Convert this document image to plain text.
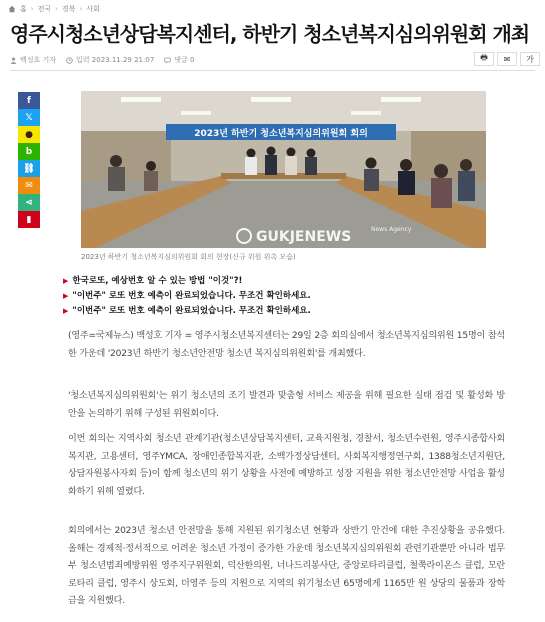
홈 › 전국 › 경북 › 사회
영주시청소년상담복지센터, 하반기 청소년복지심의위원회 개최
백성호 기자	입력 2023.11.29 21:07	댓글 0	🖶 ✉ 가
f
𝕏
●
b
⛓
✉
⋖
▮
2023년 하반기 청소년복지심의위원회 회의
News Agency
GUKJENEWS
2023년 하반기 청소년복지심의위원회 회의 현장(신규 위원 위촉 모습)
▶ 한국로또, 예상번호 알 수 있는 방법 "이것"?!
▶ "이번주" 로또 번호 예측이 완료되었습니다. 무조건 확인하세요.
▶ "이번주" 로또 번호 예측이 완료되었습니다. 무조건 확인하세요.

(영주=국제뉴스) 백성호 기자 = 영주시청소년복지센터는 29일 2층 회의실에서 청소년복지심의위원 15명이 참석한 가운데 '2023년 하반기 청소년안전망 청소년 복지심의위원회'를 개최했다.

'청소년복지심의위원회'는 위기 청소년의 조기 발견과 맞춤형 서비스 제공을 위해 필요한 실태 점검 및 활성화 방안을 논의하기 위해 구성된 위원회이다.

이번 회의는 지역사회 청소년 관계기관(청소년상담복지센터, 교육지원청, 경찰서, 청소년수련원, 영주시종합사회복지관, 고용센터, 영주YMCA, 장애인종합복지관, 소백가정상담센터, 사회복지행정연구회, 1388청소년지원단, 상담자원봉사자회 등)이 함께 청소년의 위기 상황을 사전에 예방하고 성장 지원을 위한 청소년안전망 사업을 활성화하기 위해 열렸다.

회의에서는 2023년 청소년 안전망을 통해 지원된 위기청소년 현황과 상반기 안건에 대한 추진상황을 공유했다. 올해는 경제적·정서적으로 어려운 청소년 가정이 증가한 가운데 청소년복지심의위원회 관련기관뿐만 아니라 법무부 청소년범죄예방위원 영주지구위원회, 덕산한의원, 너나드리봉사단, 중앙로타리클럽, 철쭉라이온스 클럽, 모란로타리 클럽, 영주시 상도회, 더영주 등의 지원으로 지역의 위기청소년 65명에게 1165만 원 상당의 물품과 장학금을 지원했다.
